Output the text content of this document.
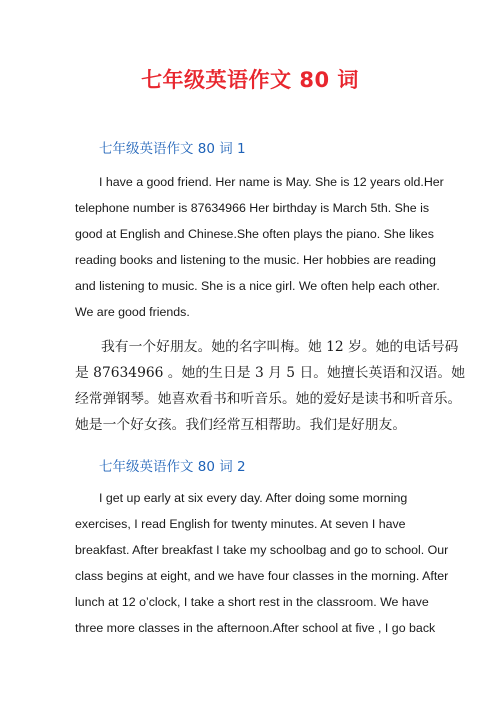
七年级英语作文 80 词
七年级英语作文 80 词 1
I have a good friend. Her name is May. She is 12 years old.Her
telephone number is 87634966 Her birthday is March 5th. She is
good at English and Chinese.She often plays the piano. She likes
reading books and listening to the music. Her hobbies are reading
and listening to music. She is a nice girl. We often help each other.
We are good friends.
我有一个好朋友。她的名字叫梅。她 12 岁。她的电话号码
是 87634966 。她的生日是 3 月 5 日。她擅长英语和汉语。她
经常弹钢琴。她喜欢看书和听音乐。她的爱好是读书和听音乐。
她是一个好女孩。我们经常互相帮助。我们是好朋友。
七年级英语作文 80 词 2
I get up early at six every day. After doing some morning
exercises, I read English for twenty minutes. At seven I have
breakfast. After breakfast I take my schoolbag and go to school. Our
class begins at eight, and we have four classes in the morning. After
lunch at 12 o’clock, I take a short rest in the classroom. We have
three more classes in the afternoon.After school at five , I go back
